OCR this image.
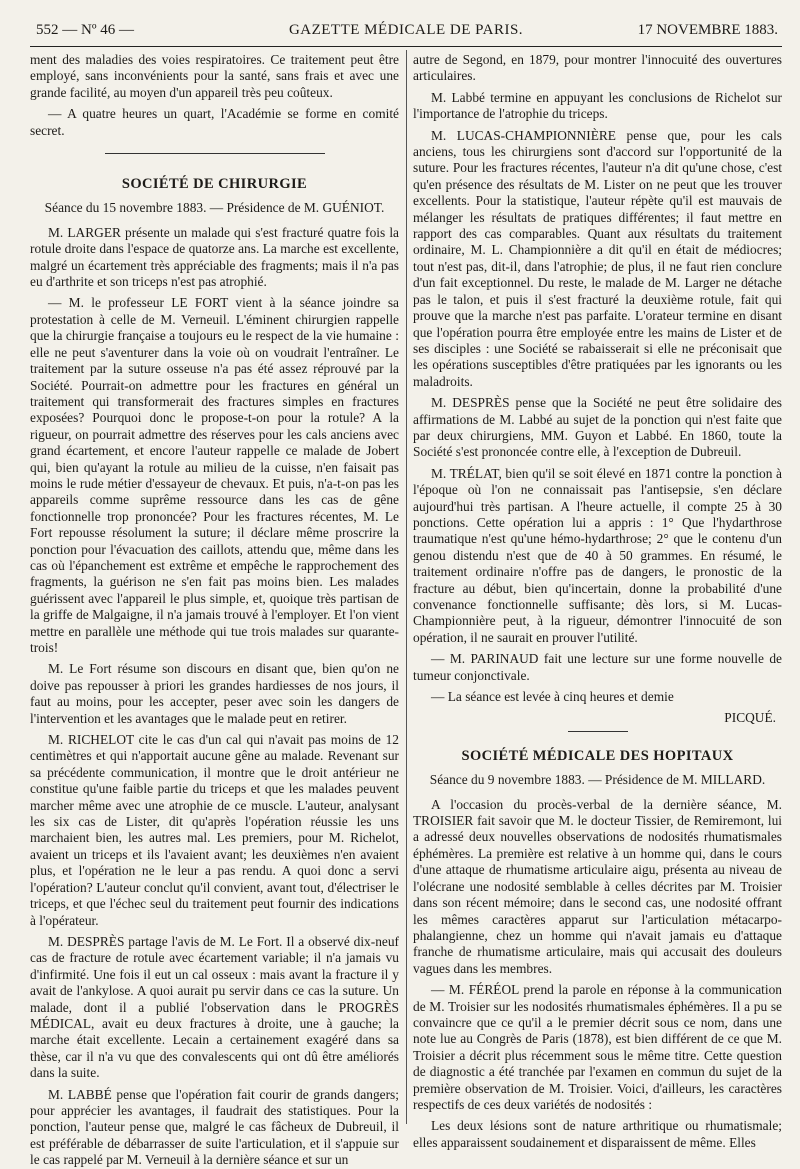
552 — Nº 46 —	GAZETTE MÉDICALE DE PARIS.	17 NOVEMBRE 1883.

ment des maladies des voies respiratoires. Ce traitement peut être employé, sans inconvénients pour la santé, sans frais et avec une grande facilité, au moyen d'un appareil très peu coûteux.

— A quatre heures un quart, l'Académie se forme en comité secret.

SOCIÉTÉ DE CHIRURGIE

Séance du 15 novembre 1883. — Présidence de M. GUÉNIOT.

M. LARGER présente un malade qui s'est fracturé quatre fois la rotule droite dans l'espace de quatorze ans. La marche est excellente, malgré un écartement très appréciable des fragments; mais il n'a pas eu d'arthrite et son triceps n'est pas atrophié.

— M. le professeur LE FORT vient à la séance joindre sa protestation à celle de M. Verneuil. L'éminent chirurgien rappelle que la chirurgie française a toujours eu le respect de la vie humaine : elle ne peut s'aventurer dans la voie où on voudrait l'entraîner. Le traitement par la suture osseuse n'a pas été assez réprouvé par la Société. Pourrait-on admettre pour les fractures en général un traitement qui transformerait des fractures simples en fractures exposées? Pourquoi donc le propose-t-on pour la rotule? A la rigueur, on pourrait admettre des réserves pour les cals anciens avec grand écartement, et encore l'auteur rappelle ce malade de Jobert qui, bien qu'ayant la rotule au milieu de la cuisse, n'en faisait pas moins le rude métier d'essayeur de chevaux. Et puis, n'a-t-on pas les appareils comme suprême ressource dans les cas de gêne fonctionnelle trop prononcée? Pour les fractures récentes, M. Le Fort repousse résolument la suture; il déclare même proscrire la ponction pour l'évacuation des caillots, attendu que, même dans les cas où l'épanchement est extrême et empêche le rapprochement des fragments, la guérison ne s'en fait pas moins bien. Les malades guérissent avec l'appareil le plus simple, et, quoique très partisan de la griffe de Malgaigne, il n'a jamais trouvé à l'employer. Et l'on vient mettre en parallèle une méthode qui tue trois malades sur quarante-trois!

M. Le Fort résume son discours en disant que, bien qu'on ne doive pas repousser à priori les grandes hardiesses de nos jours, il faut au moins, pour les accepter, peser avec soin les dangers de l'intervention et les avantages que le malade peut en retirer.

M. RICHELOT cite le cas d'un cal qui n'avait pas moins de 12 centimètres et qui n'apportait aucune gêne au malade. Revenant sur sa précédente communication, il montre que le droit antérieur ne constitue qu'une faible partie du triceps et que les malades peuvent marcher même avec une atrophie de ce muscle. L'auteur, analysant les six cas de Lister, dit qu'après l'opération réussie les uns marchaient bien, les autres mal. Les premiers, pour M. Richelot, avaient un triceps et ils l'avaient avant; les deuxièmes n'en avaient plus, et l'opération ne le leur a pas rendu. A quoi donc a servi l'opération? L'auteur conclut qu'il convient, avant tout, d'électriser le triceps, et que l'échec seul du traitement peut fournir des indications à l'opérateur.

M. DESPRÈS partage l'avis de M. Le Fort. Il a observé dix-neuf cas de fracture de rotule avec écartement variable; il n'a jamais vu d'infirmité. Une fois il eut un cal osseux : mais avant la fracture il y avait de l'ankylose. A quoi aurait pu servir dans ce cas la suture. Un malade, dont il a publié l'observation dans le PROGRÈS MÉDICAL, avait eu deux fractures à droite, une à gauche; la marche était excellente. Lecain a certainement exagéré dans sa thèse, car il n'a vu que des convalescents qui ont dû être améliorés dans la suite.

M. LABBÉ pense que l'opération fait courir de grands dangers; pour apprécier les avantages, il faudrait des statistiques. Pour la ponction, l'auteur pense que, malgré le cas fâcheux de Dubreuil, il est préférable de débarrasser de suite l'articulation, et il s'appuie sur le cas rappelé par M. Verneuil à la dernière séance et sur un

autre de Segond, en 1879, pour montrer l'innocuité des ouvertures articulaires.

M. Labbé termine en appuyant les conclusions de Richelot sur l'importance de l'atrophie du triceps.

M. LUCAS-CHAMPIONNIÈRE pense que, pour les cals anciens, tous les chirurgiens sont d'accord sur l'opportunité de la suture. Pour les fractures récentes, l'auteur n'a dit qu'une chose, c'est qu'en présence des résultats de M. Lister on ne peut que les trouver excellents. Pour la statistique, l'auteur répète qu'il est mauvais de mélanger les résultats de pratiques différentes; il faut mettre en rapport des cas comparables. Quant aux résultats du traitement ordinaire, M. L. Championnière a dit qu'il en était de médiocres; tout n'est pas, dit-il, dans l'atrophie; de plus, il ne faut rien conclure d'un fait exceptionnel. Du reste, le malade de M. Larger ne détache pas le talon, et puis il s'est fracturé la deuxième rotule, fait qui prouve que la marche n'est pas parfaite. L'orateur termine en disant que l'opération pourra être employée entre les mains de Lister et de ses disciples : une Société se rabaisserait si elle ne préconisait que les opérations susceptibles d'être pratiquées par les ignorants ou les maladroits.

M. DESPRÈS pense que la Société ne peut être solidaire des affirmations de M. Labbé au sujet de la ponction qui n'est faite que par deux chirurgiens, MM. Guyon et Labbé. En 1860, toute la Société s'est prononcée contre elle, à l'exception de Dubreuil.

M. TRÉLAT, bien qu'il se soit élevé en 1871 contre la ponction à l'époque où l'on ne connaissait pas l'antisepsie, s'en déclare aujourd'hui très partisan. A l'heure actuelle, il compte 25 à 30 ponctions. Cette opération lui a appris : 1° Que l'hydarthrose traumatique n'est qu'une hémo-hydarthrose; 2° que le contenu d'un genou distendu n'est que de 40 à 50 grammes. En résumé, le traitement ordinaire n'offre pas de dangers, le pronostic de la fracture au début, bien qu'incertain, donne la probabilité d'une convenance fonctionnelle suffisante; dès lors, si M. Lucas-Championnière peut, à la rigueur, démontrer l'innocuité de son opération, il ne saurait en prouver l'utilité.

— M. PARINAUD fait une lecture sur une forme nouvelle de tumeur conjonctivale.

— La séance est levée à cinq heures et demie

PICQUÉ.

SOCIÉTÉ MÉDICALE DES HOPITAUX

Séance du 9 novembre 1883. — Présidence de M. MILLARD.

A l'occasion du procès-verbal de la dernière séance, M. TROISIER fait savoir que M. le docteur Tissier, de Remiremont, lui a adressé deux nouvelles observations de nodosités rhumatismales éphémères. La première est relative à un homme qui, dans le cours d'une attaque de rhumatisme articulaire aigu, présenta au niveau de l'olécrane une nodosité semblable à celles décrites par M. Troisier dans son récent mémoire; dans le second cas, une nodosité offrant les mêmes caractères apparut sur l'articulation métacarpo-phalangienne, chez un homme qui n'avait jamais eu d'attaque franche de rhumatisme articulaire, mais qui accusait des douleurs vagues dans les membres.

— M. FÉRÉOL prend la parole en réponse à la communication de M. Troisier sur les nodosités rhumatismales éphémères. Il a pu se convaincre que ce qu'il a le premier décrit sous ce nom, dans une note lue au Congrès de Paris (1878), est bien différent de ce que M. Troisier a décrit plus récemment sous le même titre. Cette question de diagnostic a été tranchée par l'examen en commun du sujet de la première observation de M. Troisier. Voici, d'ailleurs, les caractères respectifs de ces deux variétés de nodosités :

Les deux lésions sont de nature arthritique ou rhumatismale; elles apparaissent soudainement et disparaissent de même. Elles
